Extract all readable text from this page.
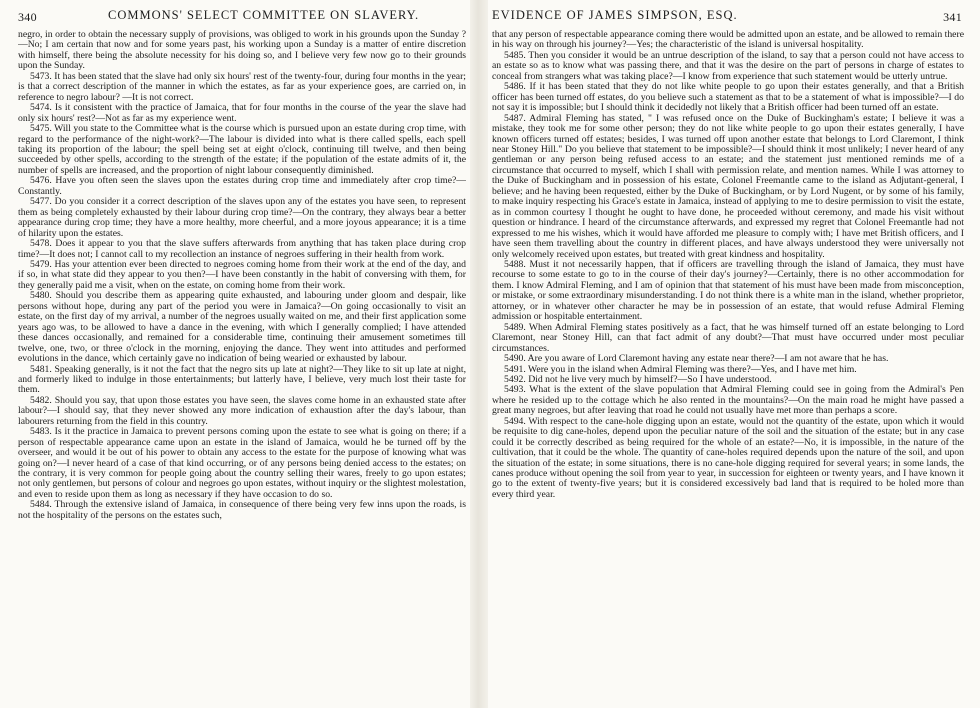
340	COMMONS' SELECT COMMITTEE ON SLAVERY.

negro, in order to obtain the necessary supply of provisions, was obliged to work in his grounds upon the Sunday ?—No; I am certain that now and for some years past, his working upon a Sunday is a matter of entire discretion with himself, there being the absolute necessity for his doing so, and I believe very few now go to their grounds upon the Sunday.

5473. It has been stated that the slave had only six hours' rest of the twenty-four, during four months in the year; is that a correct description of the manner in which the estates, as far as your experience goes, are carried on, in reference to negro labour? —It is not correct.

5474. Is it consistent with the practice of Jamaica, that for four months in the course of the year the slave had only six hours' rest?—Not as far as my experience went.

5475. Will you state to the Committee what is the course which is pursued upon an estate during crop time, with regard to the performance of the night-work?—The labour is divided into what is there called spells, each spell taking its proportion of the labour; the spell being set at eight o'clock, continuing till twelve, and then being succeeded by other spells, according to the strength of the estate; if the population of the estate admits of it, the number of spells are increased, and the proportion of night labour consequently diminished.

5476. Have you often seen the slaves upon the estates during crop time and immediately after crop time?—Constantly.

5477. Do you consider it a correct description of the slaves upon any of the estates you have seen, to represent them as being completely exhausted by their labour during crop time?—On the contrary, they always bear a better appearance during crop time; they have a more healthy, more cheerful, and a more joyous appearance; it is a time of hilarity upon the estates.

5478. Does it appear to you that the slave suffers afterwards from anything that has taken place during crop time?—It does not; I cannot call to my recollection an instance of negroes suffering in their health from work.

5479. Has your attention ever been directed to negroes coming home from their work at the end of the day, and if so, in what state did they appear to you then?—I have been constantly in the habit of conversing with them, for they generally paid me a visit, when on the estate, on coming home from their work.

5480. Should you describe them as appearing quite exhausted, and labouring under gloom and despair, like persons without hope, during any part of the period you were in Jamaica?—On going occasionally to visit an estate, on the first day of my arrival, a number of the negroes usually waited on me, and their first application some years ago was, to be allowed to have a dance in the evening, with which I generally complied; I have attended these dances occasionally, and remained for a considerable time, continuing their amusement sometimes till twelve, one, two, or three o'clock in the morning, enjoying the dance. They went into attitudes and performed evolutions in the dance, which certainly gave no indication of being wearied or exhausted by labour.

5481. Speaking generally, is it not the fact that the negro sits up late at night?—They like to sit up late at night, and formerly liked to indulge in those entertainments; but latterly have, I believe, very much lost their taste for them.

5482. Should you say, that upon those estates you have seen, the slaves come home in an exhausted state after labour?—I should say, that they never showed any more indication of exhaustion after the day's labour, than labourers returning from the field in this country.

5483. Is it the practice in Jamaica to prevent persons coming upon the estate to see what is going on there; if a person of respectable appearance came upon an estate in the island of Jamaica, would he be turned off by the overseer, and would it be out of his power to obtain any access to the estate for the purpose of knowing what was going on?—I never heard of a case of that kind occurring, or of any persons being denied access to the estates; on the contrary, it is very common for people going about the country selling their wares, freely to go upon estates; not only gentlemen, but persons of colour and negroes go upon estates, without inquiry or the slightest molestation, and even to reside upon them as long as necessary if they have occasion to do so.

5484. Through the extensive island of Jamaica, in consequence of there being very few inns upon the roads, is not the hospitality of the persons on the estates such,

EVIDENCE OF JAMES SIMPSON, ESQ.	341

that any person of respectable appearance coming there would be admitted upon an estate, and be allowed to remain there in his way on through his journey?—Yes; the characteristic of the island is universal hospitality.

5485. Then you consider it would be an untrue description of the island, to say that a person could not have access to an estate so as to know what was passing there, and that it was the desire on the part of persons in charge of estates to conceal from strangers what was taking place?—I know from experience that such statement would be utterly untrue.

5486. If it has been stated that they do not like white people to go upon their estates generally, and that a British officer has been turned off estates, do you believe such a statement as that to be a statement of what is impossible?—I do not say it is impossible; but I should think it decidedly not likely that a British officer had been turned off an estate.

5487. Admiral Fleming has stated, " I was refused once on the Duke of Buckingham's estate; I believe it was a mistake, they took me for some other person; they do not like white people to go upon their estates generally, I have known officers turned off estates; besides, I was turned off upon another estate that belongs to Lord Claremont, I think near Stoney Hill." Do you believe that statement to be impossible?—I should think it most unlikely; I never heard of any gentleman or any person being refused access to an estate; and the statement just mentioned reminds me of a circumstance that occurred to myself, which I shall with permission relate, and mention names. While I was attorney to the Duke of Buckingham and in possession of his estate, Colonel Freemantle came to the island as Adjutant-general, I believe; and he having been requested, either by the Duke of Buckingham, or by Lord Nugent, or by some of his family, to make inquiry respecting his Grace's estate in Jamaica, instead of applying to me to desire permission to visit the estate, as in common courtesy I thought he ought to have done, he proceeded without ceremony, and made his visit without question or hindrance. I heard of the circumstance afterwards, and expressed my regret that Colonel Freemantle had not expressed to me his wishes, which it would have afforded me pleasure to comply with; I have met British officers, and I have seen them travelling about the country in different places, and have always understood they were universally not only welcomely received upon estates, but treated with great kindness and hospitality.

5488. Must it not necessarily happen, that if officers are travelling through the island of Jamaica, they must have recourse to some estate to go to in the course of their day's journey?—Certainly, there is no other accommodation for them. I know Admiral Fleming, and I am of opinion that that statement of his must have been made from misconception, or mistake, or some extraordinary misunderstanding. I do not think there is a white man in the island, whether proprietor, attorney, or in whatever other character he may be in possession of an estate, that would refuse Admiral Fleming admission or hospitable entertainment.

5489. When Admiral Fleming states positively as a fact, that he was himself turned off an estate belonging to Lord Claremont, near Stoney Hill, can that fact admit of any doubt?—That must have occurred under most peculiar circumstances.

5490. Are you aware of Lord Claremont having any estate near there?—I am not aware that he has.

5491. Were you in the island when Admiral Fleming was there?—Yes, and I have met him.

5492. Did not he live very much by himself?—So I have understood.

5493. What is the extent of the slave population that Admiral Fleming could see in going from the Admiral's Pen where he resided up to the cottage which he also rented in the mountains?—On the main road he might have passed a great many negroes, but after leaving that road he could not usually have met more than perhaps a score.

5494. With respect to the cane-hole digging upon an estate, would not the quantity of the estate, upon which it would be requisite to dig cane-holes, depend upon the peculiar nature of the soil and the situation of the estate; but in any case could it be correctly described as being required for the whole of an estate?—No, it is impossible, in the nature of the cultivation, that it could be the whole. The quantity of cane-holes required depends upon the nature of the soil, and upon the situation of the estate; in some situations, there is no cane-hole digging required for several years; in some lands, the canes produce without opening the soil from year to year, in succession for eighteen or twenty years, and I have known it go to the extent of twenty-five years; but it is considered excessively bad land that is required to be holed more than every third year.
